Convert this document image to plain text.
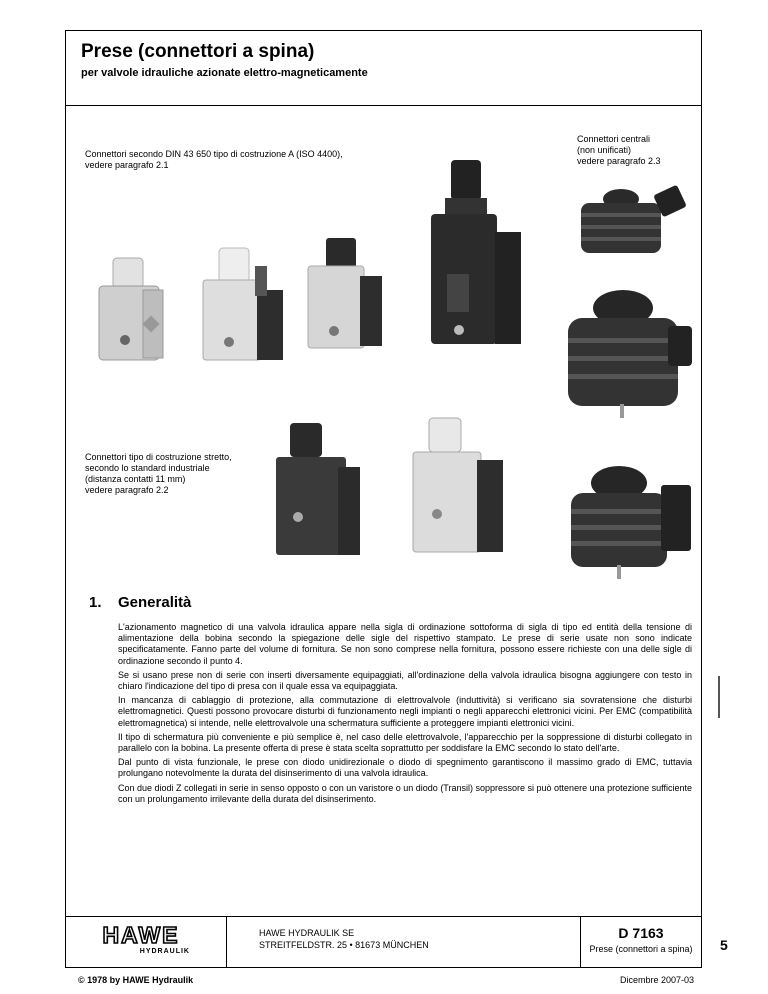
Prese (connettori a spina)
per valvole idrauliche azionate elettro-magneticamente
Connettori secondo DIN 43 650 tipo di costruzione A (ISO 4400),
vedere paragrafo 2.1
Connettori centrali
(non unificati)
vedere paragrafo 2.3
Connettori tipo di costruzione stretto,
secondo lo standard industriale
(distanza contatti 11 mm)
vedere paragrafo 2.2
1. Generalità

L'azionamento magnetico di una valvola idraulica appare nella sigla di ordinazione sottoforma di sigla di tipo ed entità della tensione di alimentazione della bobina secondo la spiegazione delle sigle del rispettivo stampato. Le prese di serie usate non sono indicate specificatamente. Fanno parte del volume di fornitura. Se non sono comprese nella fornitura, possono essere richieste con una delle sigle di ordinazione secondo il punto 4.

Se si usano prese non di serie con inserti diversamente equipaggiati, all'ordinazione della valvola idraulica bisogna aggiungere con testo in chiaro l'indicazione del tipo di presa con il quale essa va equipaggiata.

In mancanza di cablaggio di protezione, alla commutazione di elettrovalvole (induttività) si verificano sia sovratensione che disturbi elettromagnetici. Questi possono provocare disturbi di funzionamento negli impianti o negli apparecchi elettronici vicini. Per EMC (compatibilità elettromagnetica) si intende, nelle elettrovalvole una schermatura sufficiente a proteggere impianti elettronici vicini.

Il tipo di schermatura più conveniente e più semplice è, nel caso delle elettrovalvole, l'apparecchio per la soppressione di disturbi collegato in parallelo con la bobina. La presente offerta di prese è stata scelta soprattutto per soddisfare la EMC secondo lo stato dell'arte.

Dal punto di vista funzionale, le prese con diodo unidirezionale o diodo di spegnimento garantiscono il massimo grado di EMC, tuttavia prolungano notevolmente la durata del disinserimento di una valvola idraulica.

Con due diodi Z collegati in serie in senso opposto o con un varistore o un diodo (Transil) soppressore si può ottenere una protezione sufficiente con un prolungamento irrilevante della durata del disinserimento.

HAWE
HYDRAULIK
HAWE HYDRAULIK SE
STREITFELDSTR. 25 • 81673 MÜNCHEN
D 7163
Prese (connettori a spina)	5
© 1978 by HAWE Hydraulik	Dicembre 2007-03
